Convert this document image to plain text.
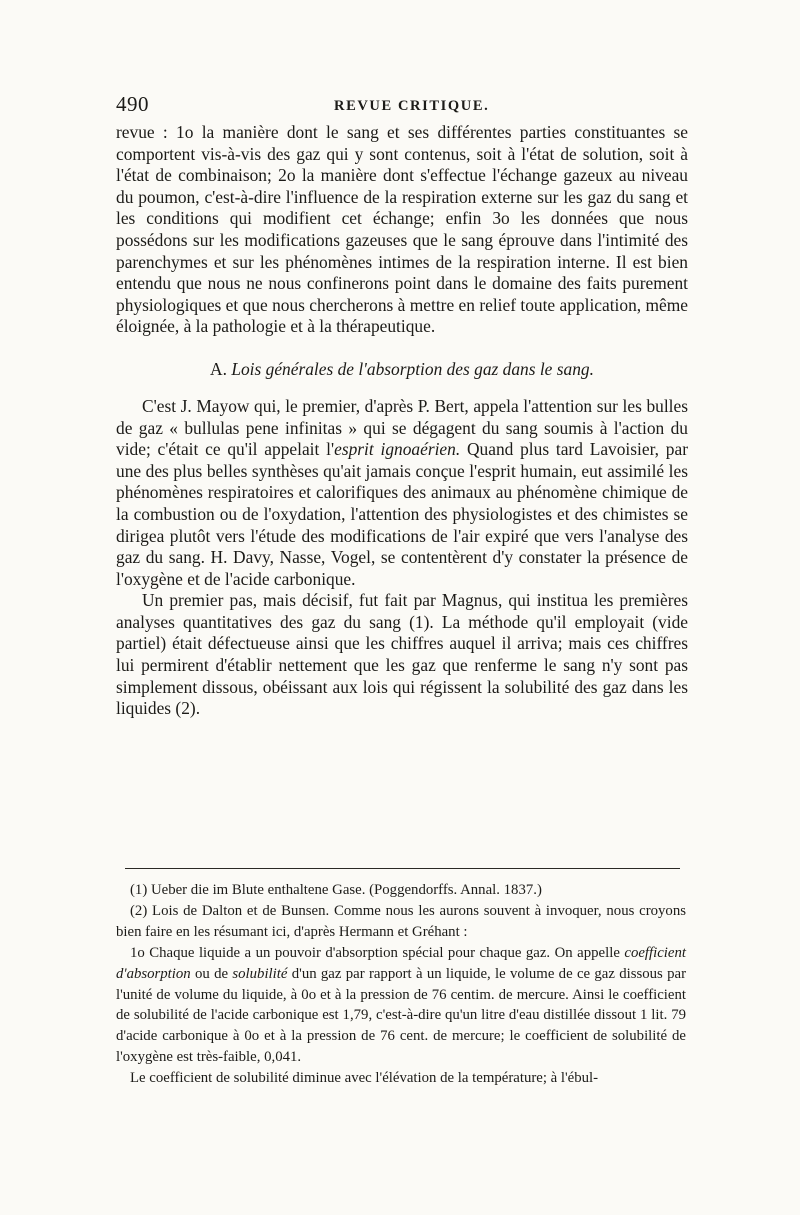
490	REVUE CRITIQUE.

revue : 1o la manière dont le sang et ses différentes parties constituantes se comportent vis-à-vis des gaz qui y sont contenus, soit à l'état de solution, soit à l'état de combinaison; 2o la manière dont s'effectue l'échange gazeux au niveau du poumon, c'est-à-dire l'influence de la respiration externe sur les gaz du sang et les conditions qui modifient cet échange; enfin 3o les données que nous possédons sur les modifications gazeuses que le sang éprouve dans l'intimité des parenchymes et sur les phénomènes intimes de la respiration interne. Il est bien entendu que nous ne nous confinerons point dans le domaine des faits purement physiologiques et que nous chercherons à mettre en relief toute application, même éloignée, à la pathologie et à la thérapeutique.

A. Lois générales de l'absorption des gaz dans le sang.

C'est J. Mayow qui, le premier, d'après P. Bert, appela l'attention sur les bulles de gaz « bullulas pene infinitas » qui se dégagent du sang soumis à l'action du vide; c'était ce qu'il appelait l'esprit ignoaérien. Quand plus tard Lavoisier, par une des plus belles synthèses qu'ait jamais conçue l'esprit humain, eut assimilé les phénomènes respiratoires et calorifiques des animaux au phénomène chimique de la combustion ou de l'oxydation, l'attention des physiologistes et des chimistes se dirigea plutôt vers l'étude des modifications de l'air expiré que vers l'analyse des gaz du sang. H. Davy, Nasse, Vogel, se contentèrent d'y constater la présence de l'oxygène et de l'acide carbonique.

Un premier pas, mais décisif, fut fait par Magnus, qui institua les premières analyses quantitatives des gaz du sang (1). La méthode qu'il employait (vide partiel) était défectueuse ainsi que les chiffres auquel il arriva; mais ces chiffres lui permirent d'établir nettement que les gaz que renferme le sang n'y sont pas simplement dissous, obéissant aux lois qui régissent la solubilité des gaz dans les liquides (2).

(1) Ueber die im Blute enthaltene Gase. (Poggendorffs. Annal. 1837.)

(2) Lois de Dalton et de Bunsen. Comme nous les aurons souvent à invoquer, nous croyons bien faire en les résumant ici, d'après Hermann et Gréhant :

1o Chaque liquide a un pouvoir d'absorption spécial pour chaque gaz. On appelle coefficient d'absorption ou de solubilité d'un gaz par rapport à un liquide, le volume de ce gaz dissous par l'unité de volume du liquide, à 0o et à la pression de 76 centim. de mercure. Ainsi le coefficient de solubilité de l'acide carbonique est 1,79, c'est-à-dire qu'un litre d'eau distillée dissout 1 lit. 79 d'acide carbonique à 0o et à la pression de 76 cent. de mercure; le coefficient de solubilité de l'oxygène est très-faible, 0,041.

Le coefficient de solubilité diminue avec l'élévation de la température; à l'ébul-
